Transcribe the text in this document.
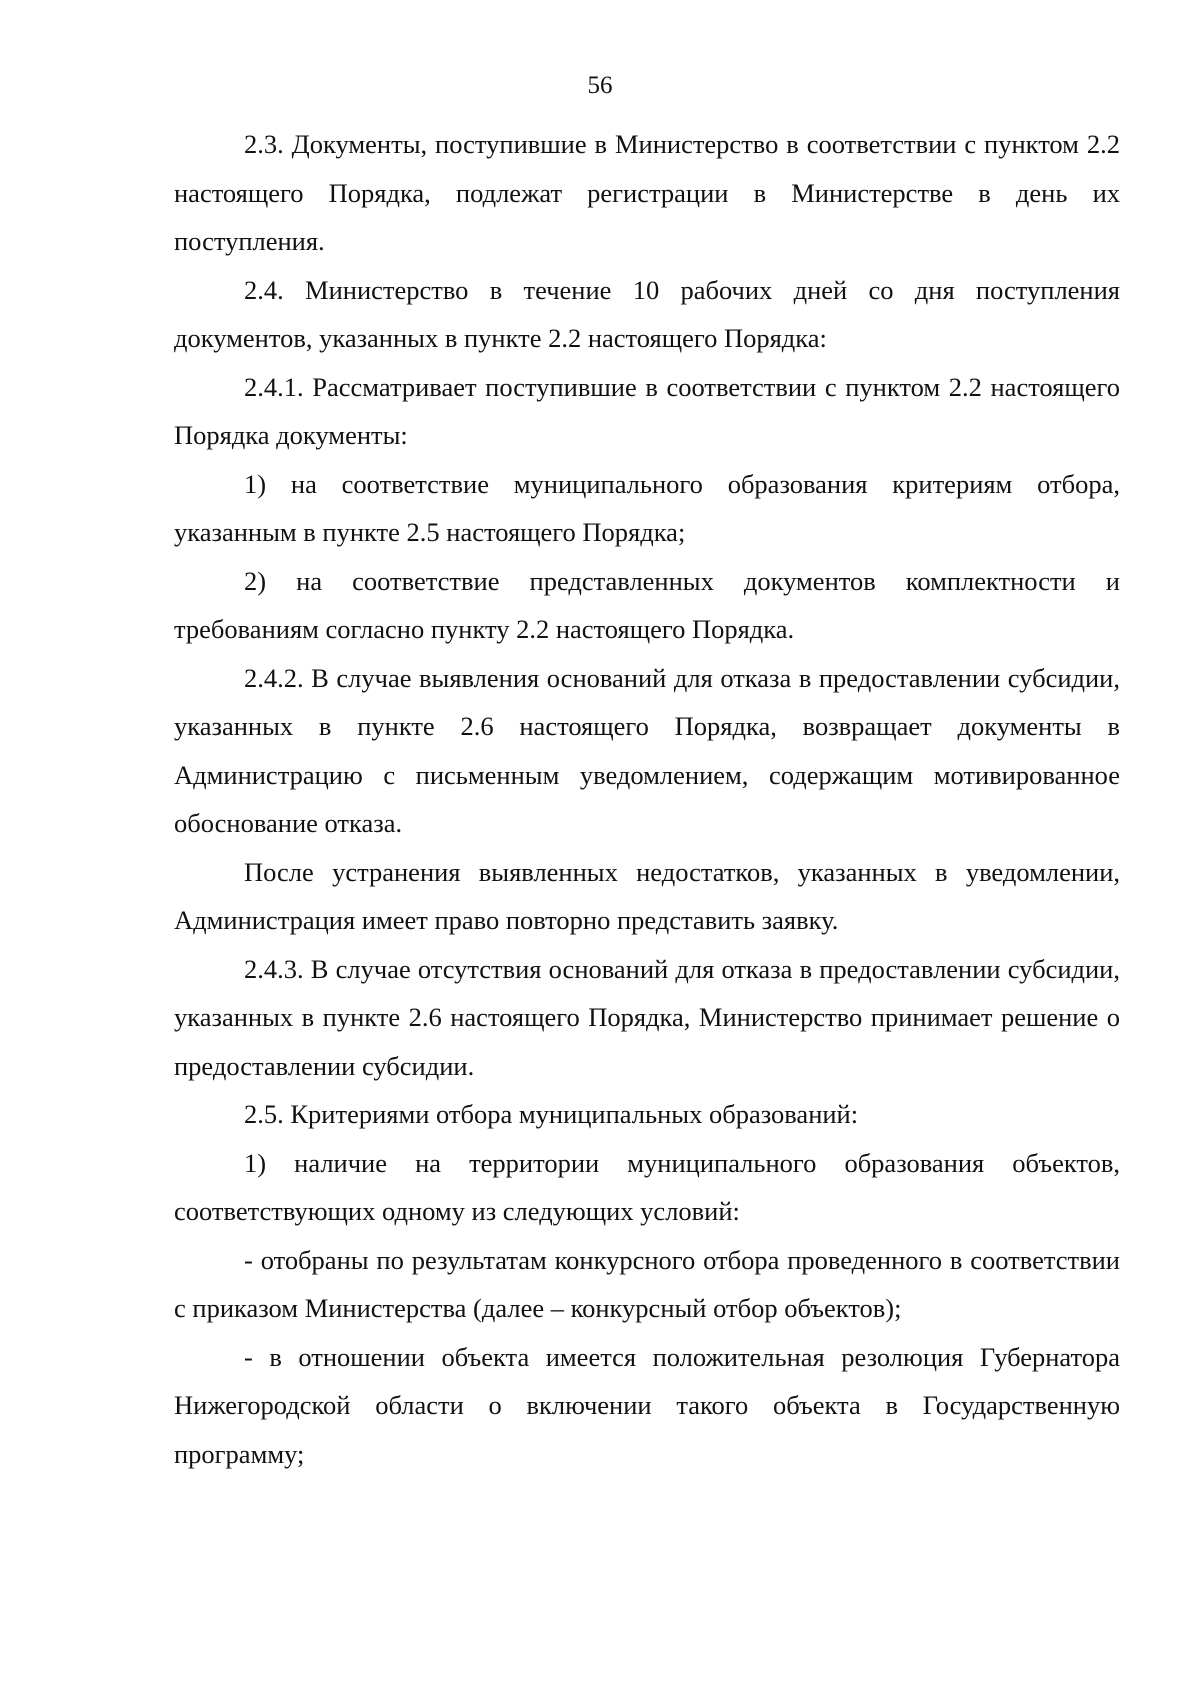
56

2.3. Документы, поступившие в Министерство в соответствии с пунктом 2.2 настоящего Порядка, подлежат регистрации в Министерстве в день их поступления.

2.4. Министерство в течение 10 рабочих дней со дня поступления документов, указанных в пункте 2.2 настоящего Порядка:

2.4.1. Рассматривает поступившие в соответствии с пунктом 2.2 настоящего Порядка документы:

1) на соответствие муниципального образования критериям отбора, указанным в пункте 2.5 настоящего Порядка;

2) на соответствие представленных документов комплектности и требованиям согласно пункту 2.2 настоящего Порядка.

2.4.2. В случае выявления оснований для отказа в предоставлении субсидии, указанных в пункте 2.6 настоящего Порядка, возвращает документы в Администрацию с письменным уведомлением, содержащим мотивированное обоснование отказа.

После устранения выявленных недостатков, указанных в уведомлении, Администрация имеет право повторно представить заявку.

2.4.3. В случае отсутствия оснований для отказа в предоставлении субсидии, указанных в пункте 2.6 настоящего Порядка, Министерство принимает решение о предоставлении субсидии.

2.5. Критериями отбора муниципальных образований:

1) наличие на территории муниципального образования объектов, соответствующих одному из следующих условий:

- отобраны по результатам конкурсного отбора проведенного в соответствии с приказом Министерства (далее – конкурсный отбор объектов);

- в отношении объекта имеется положительная резолюция Губернатора Нижегородской области о включении такого объекта в Государственную программу;
